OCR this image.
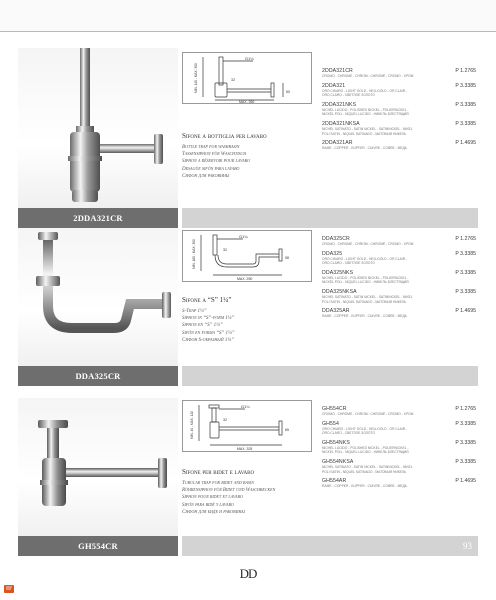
2DDA321CR
G1¼
MIN. 140 - MAX. 300
MAX. 350
32
50
Sifone a bottiglia per lavabo
Bottle trap for washbasin
Tassensiphon für Waschtisch
Siphon a réservoir pour lavabo
Desagüe sifón para lavabo
Сифон для раковины
2DDA321CR	P 1.2765
CROMO - CHROME - CHROM - CHROMÉ - CROMO - ХРОМ
2DDA321	P 3.3385
ORO CHIARO - LIGHT GOLD - HELLGOLD - OR CLAIR -
ORO CLARO - СВЕТЛОЕ ЗОЛОТО
2DDA321NKS	P 3.3385
NICHEL LUCIDO - POLISHED NICKEL - POLIERNICKEL -
NICKEL POLI - NÍQUEL LUCIDO - НИКЕЛЬ БЛЕСТЯЩИЙ
2DDA321NKSA	P 3.3385
NICHEL SATINATO - SATIN NICKEL - SATINNICKEL - NIKEL
POLI SATIN - NÍQUEL SATINADO - МАТОВЫЙ НИКЕЛЬ
2DDA321AR	P 1.4695
RAME - COPPER - KUPFER - CUIVRE - COBRE - МЕДЬ
DDA325CR
G1¼
MIN. 160 - MAX. 300
MAX. 250
32
58
Sifone a “S” 1¼”
S-Trap 1¼”
Siphon in “S”-form 1¼”
Siphon en “S” 1¼”
Sifón en forma “S” 1¼”
Сифон S-образный 1¼”
DDA325CR	P 1.2765
CROMO - CHROME - CHROM - CHROMÉ - CROMO - ХРОМ
DDA325	P 3.3385
ORO CHIARO - LIGHT GOLD - HELLGOLD - OR CLAIR -
ORO CLARO - СВЕТЛОЕ ЗОЛОТО
DDA325NKS	P 3.3385
NICHEL LUCIDO - POLISHED NICKEL - POLIERNICKEL -
NICKEL POLI - NÍQUEL LUCIDO - НИКЕЛЬ БЛЕСТЯЩИЙ
DDA325NKSA	P 3.3385
NICHEL SATINATO - SATIN NICKEL - SATINNICKEL - NIKEL
POLI SATIN - NÍQUEL SATINADO - МАТОВЫЙ НИКЕЛЬ
DDA325AR	P 1.4695
RAME - COPPER - KUPFER - CUIVRE - COBRE - МЕДЬ
GH554CR	93
G1¼
MIN. 40 - MAX. 110
MAX. 325
32
65
Sifone per bidet e lavabo
Tubular trap for bidet and basin
Röhrensiphon für Bidet und Waschbecken
Siphon pour bidet et lavabo
Sifón para bidé y lavabo
Сифон для биде и раковины
GH554CR	P 1.2765
CROMO - CHROME - CHROM - CHROMÉ - CROMO - ХРОМ
GH554	P 3.3385
ORO CHIARO - LIGHT GOLD - HELLGOLD - OR CLAIR -
ORO CLARO - СВЕТЛОЕ ЗОЛОТО
GH554NKS	P 3.3385
NICHEL LUCIDO - POLISHED NICKEL - POLIERNICKEL -
NICKEL POLI - NÍQUEL LUCIDO - НИКЕЛЬ БЛЕСТЯЩИЙ
GH554NKSA	P 3.3385
NICHEL SATINATO - SATIN NICKEL - SATINNICKEL - NIKEL
POLI SATIN - NÍQUEL SATINADO - МАТОВЫЙ НИКЕЛЬ
GH554AR	P 1.4695
RAME - COPPER - KUPFER - CUIVRE - COBRE - МЕДЬ
DD
